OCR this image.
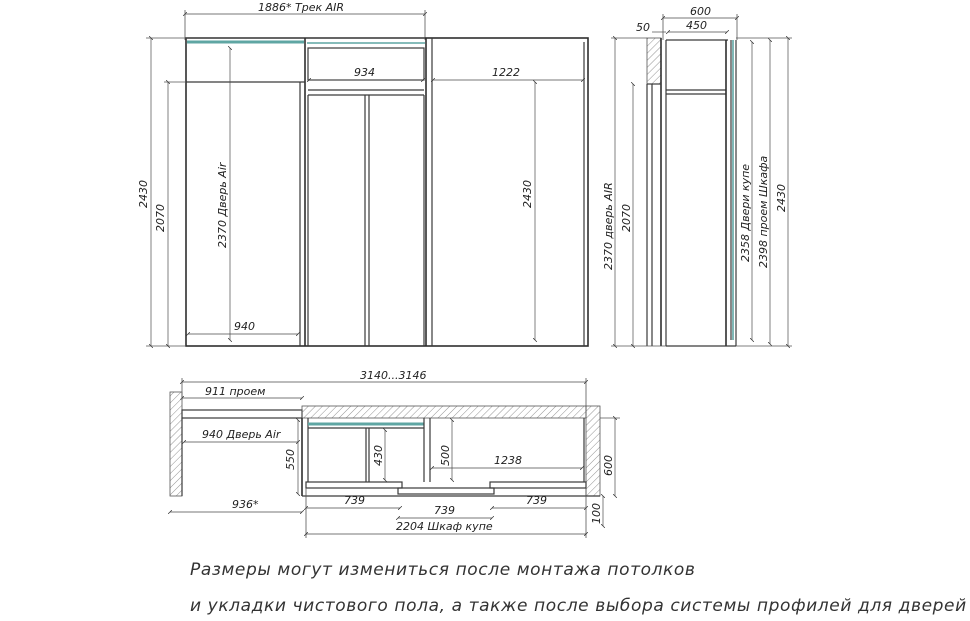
1886* Трек AIR
2370 Дверь Air
940
934	1222
2430
2430
2070
600
450
50
2370 дверь AIR 2070	2358 Двери купе 2398 проем Шкафа 2430
3140...3146
911 проем
940 Дверь Air
550	430	500	1238	600
936*	739
739
739
2204 Шкаф купе
100
Размеры могут измениться после монтажа потолков
и укладки чистового пола, а также после выбора системы профилей для дверей
